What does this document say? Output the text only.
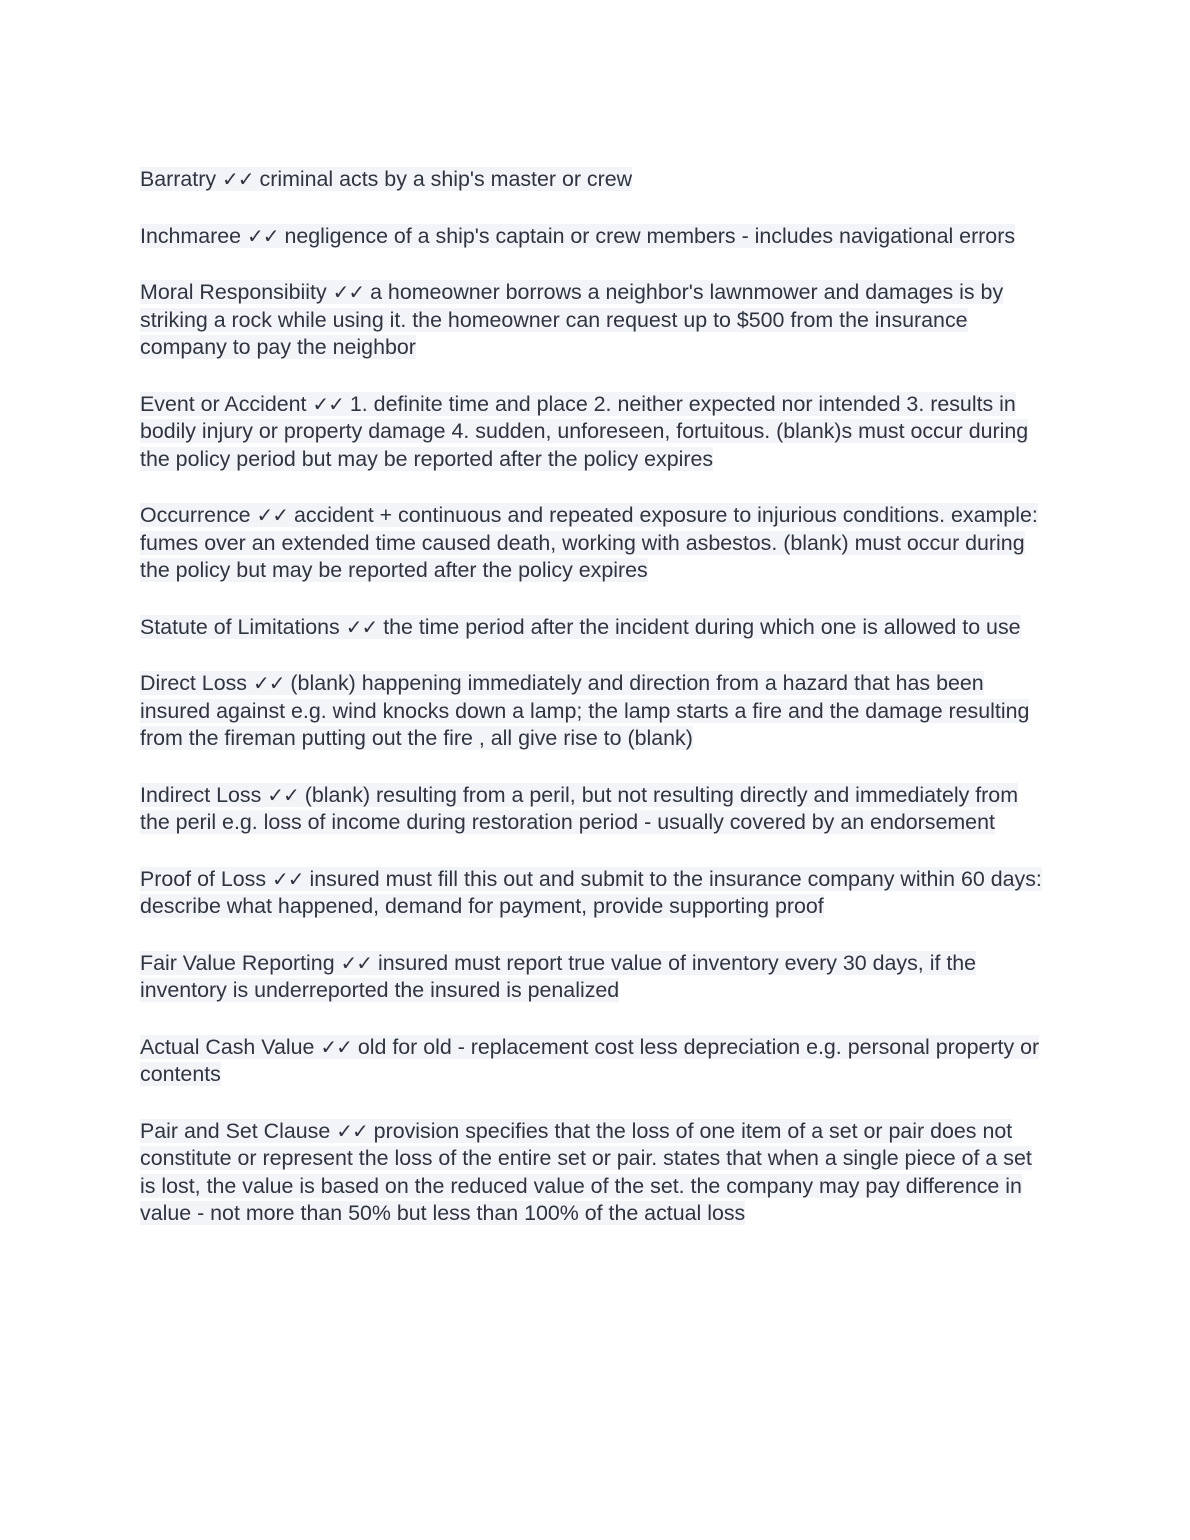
Barratry ✓✓ criminal acts by a ship's master or crew
Inchmaree ✓✓ negligence of a ship's captain or crew members - includes navigational errors
Moral Responsibiity ✓✓ a homeowner borrows a neighbor's lawnmower and damages is by striking a rock while using it. the homeowner can request up to $500 from the insurance company to pay the neighbor
Event or Accident ✓✓ 1. definite time and place 2. neither expected nor intended 3. results in bodily injury or property damage 4. sudden, unforeseen, fortuitous. (blank)s must occur during the policy period but may be reported after the policy expires
Occurrence ✓✓ accident + continuous and repeated exposure to injurious conditions. example: fumes over an extended time caused death, working with asbestos. (blank) must occur during the policy but may be reported after the policy expires
Statute of Limitations ✓✓ the time period after the incident during which one is allowed to use
Direct Loss ✓✓ (blank) happening immediately and direction from a hazard that has been insured against e.g. wind knocks down a lamp; the lamp starts a fire and the damage resulting from the fireman putting out the fire , all give rise to (blank)
Indirect Loss ✓✓ (blank) resulting from a peril, but not resulting directly and immediately from the peril e.g. loss of income during restoration period - usually covered by an endorsement
Proof of Loss ✓✓ insured must fill this out and submit to the insurance company within 60 days: describe what happened, demand for payment, provide supporting proof
Fair Value Reporting ✓✓ insured must report true value of inventory every 30 days, if the inventory is underreported the insured is penalized
Actual Cash Value ✓✓ old for old - replacement cost less depreciation e.g. personal property or contents
Pair and Set Clause ✓✓ provision specifies that the loss of one item of a set or pair does not constitute or represent the loss of the entire set or pair. states that when a single piece of a set is lost, the value is based on the reduced value of the set. the company may pay difference in value - not more than 50% but less than 100% of the actual loss
